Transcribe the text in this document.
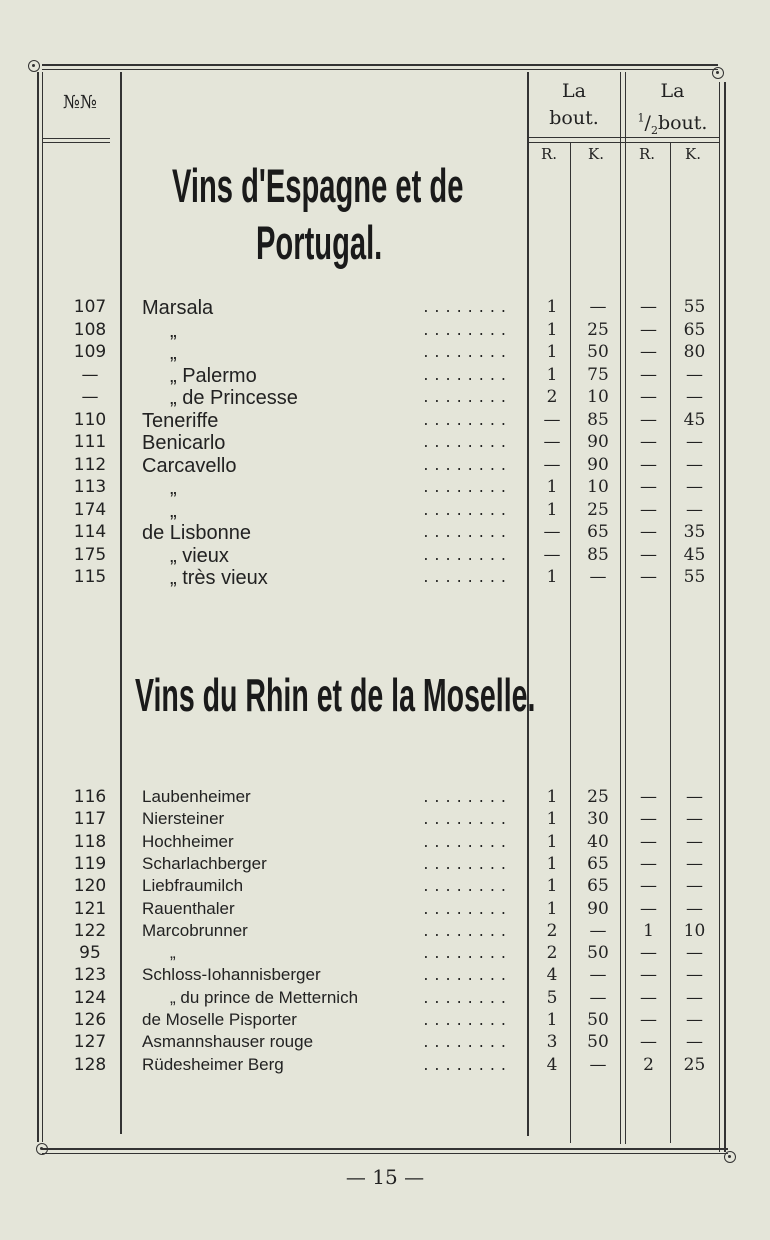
№№
La
bout.
La
$^1/_2bout$.
R.	K.	R.	K.
Vins d'Espagne et de
Portugal.
107	Marsala	........	1	—	—	55
108	„	........	1	25	—	65
109	„	........	1	50	—	80
—	„ Palermo	........	1	75	—	—
—	„ de Princesse	........	2	10	—	—
110	Teneriffe	........	—	85	—	45
111	Benicarlo	........	—	90	—	—
112	Carcavello	........	—	90	—	—
113	„	........	1	10	—	—
174	„	........	1	25	—	—
114	de Lisbonne	........	—	65	—	35
175	„ vieux	........	—	85	—	45
115	„ très vieux	........	1	—	—	55
Vins du Rhin et de la Moselle.
116	Laubenheimer	........	1	25	—	—
117	Niersteiner	........	1	30	—	—
118	Hochheimer	........	1	40	—	—
119	Scharlachberger	........	1	65	—	—
120	Liebfraumilch	........	1	65	—	—
121	Rauenthaler	........	1	90	—	—
122	Marcobrunner	........	2	—	1	10
95	„	........	2	50	—	—
123	Schloss-Iohannisberger	........	4	—	—	—
124	„ du prince de Metternich	........	5	—	—	—
126	de Moselle Pisporter	........	1	50	—	—
127	Asmannshauser rouge	........	3	50	—	—
128	Rüdesheimer Berg	........	4	—	2	25
— 15 —
